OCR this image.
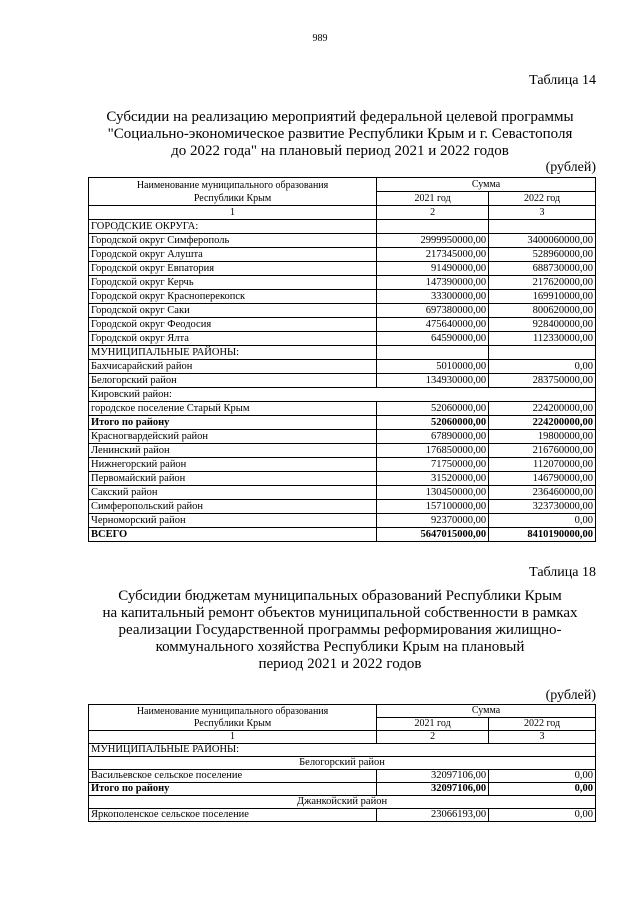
989
Таблица 14
Субсидии на реализацию мероприятий федеральной целевой программы
"Социально-экономическое развитие Республики Крым и г. Севастополя
до 2022 года" на плановый период 2021 и 2022 годов
(рублей)
Наименование муниципального образования
Республики Крым	Сумма	
	2021 год	2022 год
1	2	3
ГОРОДСКИЕ ОКРУГА:		
Городской округ Симферополь	2999950000,00	3400060000,00
Городской округ Алушта	217345000,00	528960000,00
Городской округ Евпатория	91490000,00	688730000,00
Городской округ Керчь	147390000,00	217620000,00
Городской округ Красноперекопск	33300000,00	169910000,00
Городской округ Саки	697380000,00	800620000,00
Городской округ Феодосия	475640000,00	928400000,00
Городской округ Ялта	64590000,00	112330000,00
МУНИЦИПАЛЬНЫЕ РАЙОНЫ:		
Бахчисарайский район	5010000,00	0,00
Белогорский район	134930000,00	283750000,00
Кировский район:		
городское поселение Старый Крым	52060000,00	224200000,00
Итого по району	52060000,00	224200000,00
Красногвардейский район	67890000,00	19800000,00
Ленинский район	176850000,00	216760000,00
Нижнегорский район	71750000,00	112070000,00
Первомайский район	31520000,00	146790000,00
Сакский район	130450000,00	236460000,00
Симферопольский район	157100000,00	323730000,00
Черноморский район	92370000,00	0,00
ВСЕГО	5647015000,00	8410190000,00
Таблица 18
Субсидии бюджетам муниципальных образований Республики Крым
на капитальный ремонт объектов муниципальной собственности в рамках
реализации Государственной программы реформирования жилищно-
коммунального хозяйства Республики Крым на плановый
период 2021 и 2022 годов
(рублей)
Наименование муниципального образования
Республики Крым	Сумма	
	2021 год	2022 год
1	2	3
МУНИЦИПАЛЬНЫЕ РАЙОНЫ:		
Белогорский район		
Васильевское сельское поселение	32097106,00	0,00
Итого по району	32097106,00	0,00
Джанкойский район		
Яркополенское сельское поселение	23066193,00	0,00
